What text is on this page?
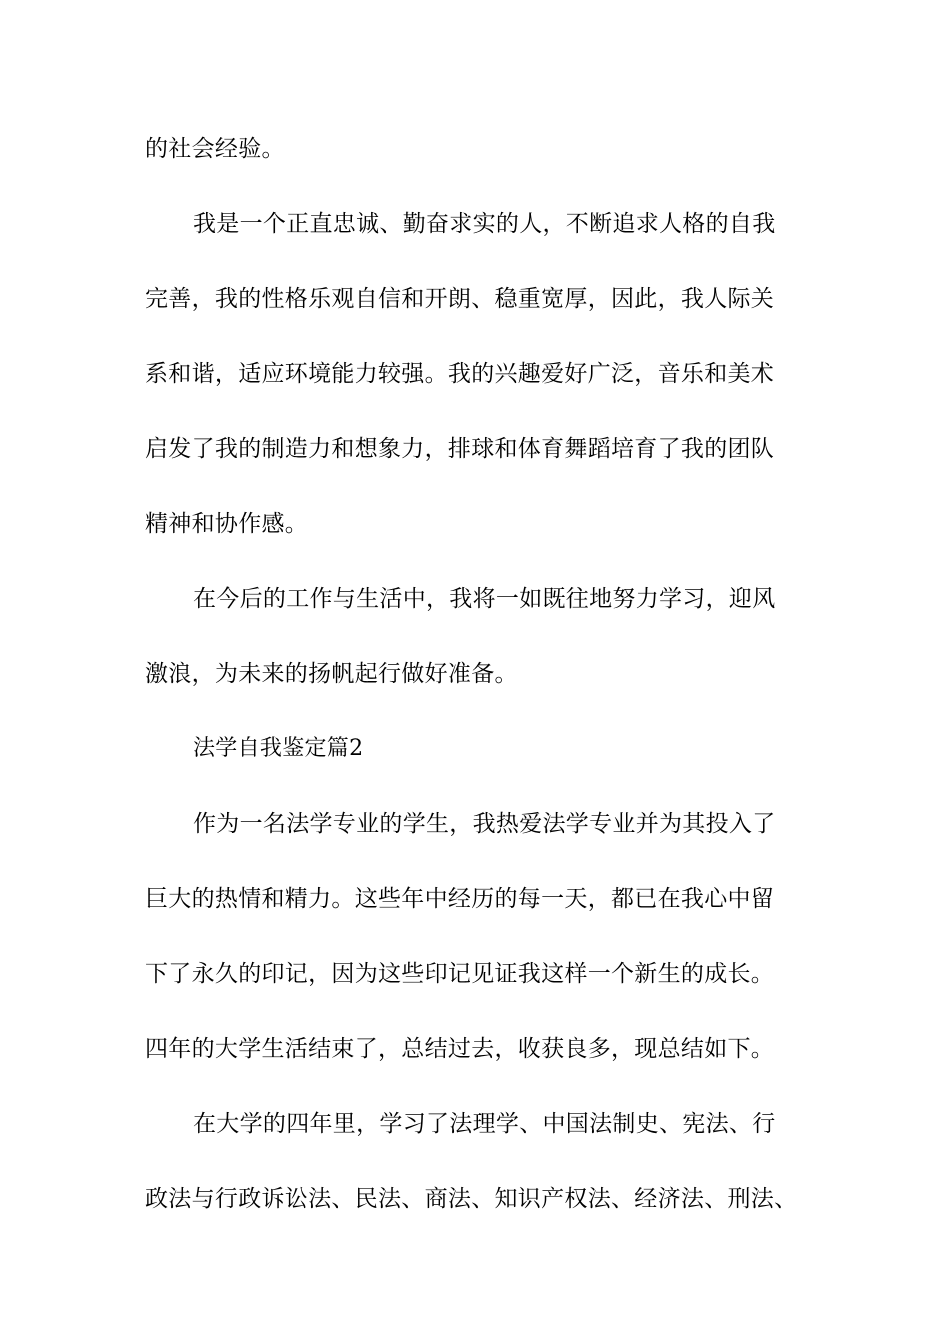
的社会经验。
我是一个正直忠诚、勤奋求实的人，不断追求人格的自我
完善，我的性格乐观自信和开朗、稳重宽厚，因此，我人际关
系和谐，适应环境能力较强。我的兴趣爱好广泛，音乐和美术
启发了我的制造力和想象力，排球和体育舞蹈培育了我的团队
精神和协作感。
在今后的工作与生活中，我将一如既往地努力学习，迎风
激浪，为未来的扬帆起行做好准备。
法学自我鉴定篇2
作为一名法学专业的学生，我热爱法学专业并为其投入了
巨大的热情和精力。这些年中经历的每一天，都已在我心中留
下了永久的印记，因为这些印记见证我这样一个新生的成长。
四年的大学生活结束了，总结过去，收获良多，现总结如下。
在大学的四年里，学习了法理学、中国法制史、宪法、行
政法与行政诉讼法、民法、商法、知识产权法、经济法、刑法、
